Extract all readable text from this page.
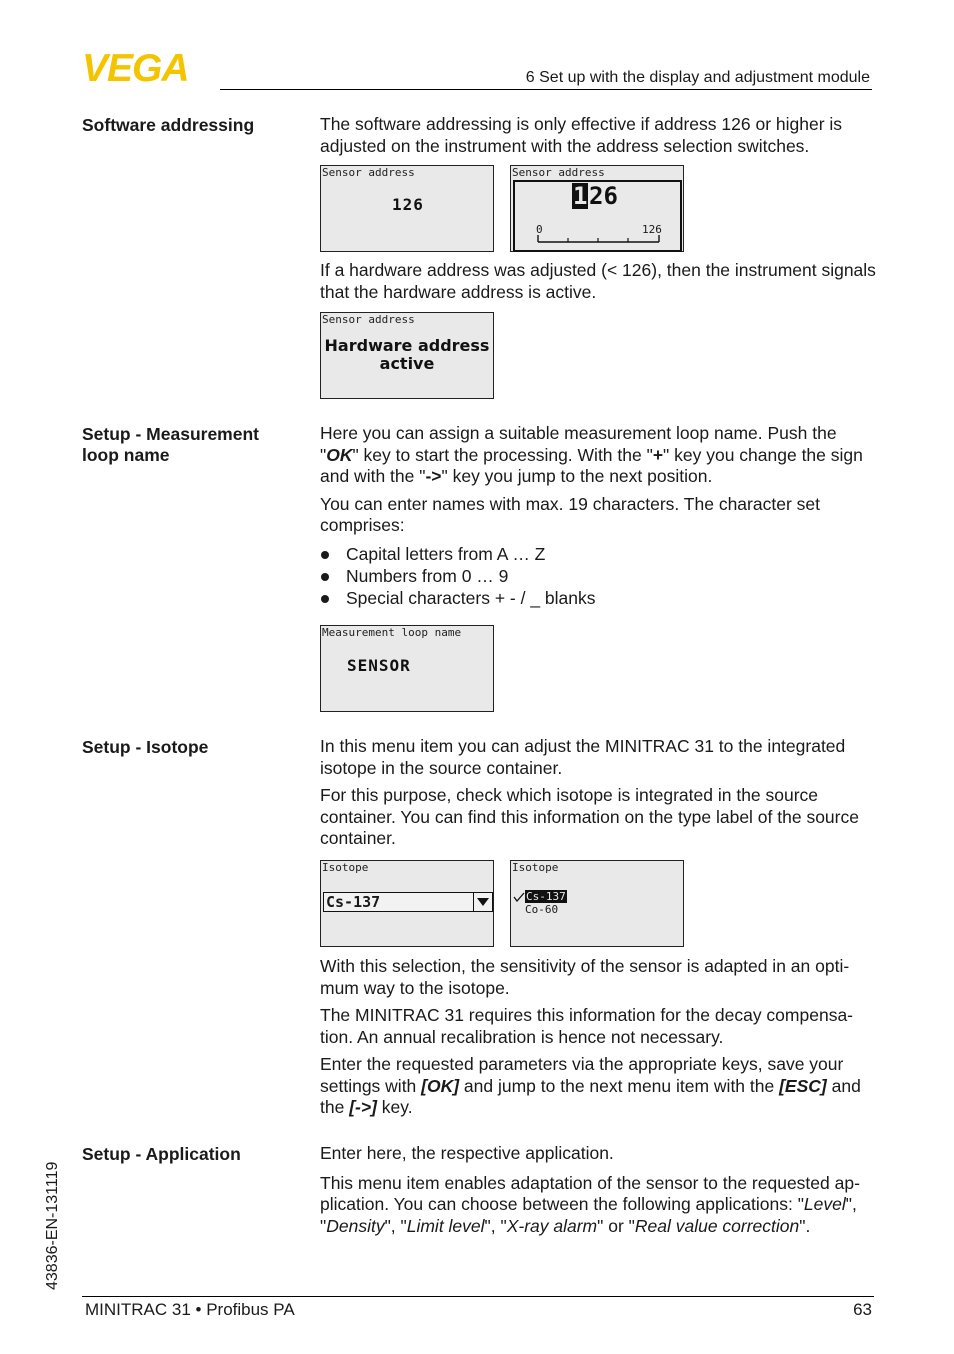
VEGA	6 Set up with the display and adjustment module
Software addressing	The software addressing is only effective if address 126 or higher is adjusted on the instrument with the address selection switches.

Sensor address
126
Sensor address
1 26
0	126

If a hardware address was adjusted (< 126), then the instrument signals that the hardware address is active.

Sensor address
Hardware address
active
Setup - Measurement loop name

Here you can assign a suitable measurement loop name. Push the "OK" key to start the processing. With the "+" key you change the sign and with the "->" key you jump to the next position.

You can enter names with max. 19 characters. The character set comprises:

Capital letters from A … Z
Numbers from 0 … 9
Special characters + - / _ blanks
Measurement loop name
SENSOR
Setup - Isotope	In this menu item you can adjust the MINITRAC 31 to the integrated isotope in the source container.

For this purpose, check which isotope is integrated in the source container. You can find this information on the type label of the source container.

Isotope
Cs-137
Isotope
Cs-137
Co-60

With this selection, the sensitivity of the sensor is adapted in an opti-mum way to the isotope.

The MINITRAC 31 requires this information for the decay compensa-tion. An annual recalibration is hence not necessary.

Enter the requested parameters via the appropriate keys, save your settings with [OK] and jump to the next menu item with the [ESC] and the [->] key.

Setup - Application	Enter here, the respective application.

This menu item enables adaptation of the sensor to the requested ap-plication. You can choose between the following applications: "Level", "Density", "Limit level", "X-ray alarm" or "Real value correction".

43836-EN-131119
MINITRAC 31 • Profibus PA	63
